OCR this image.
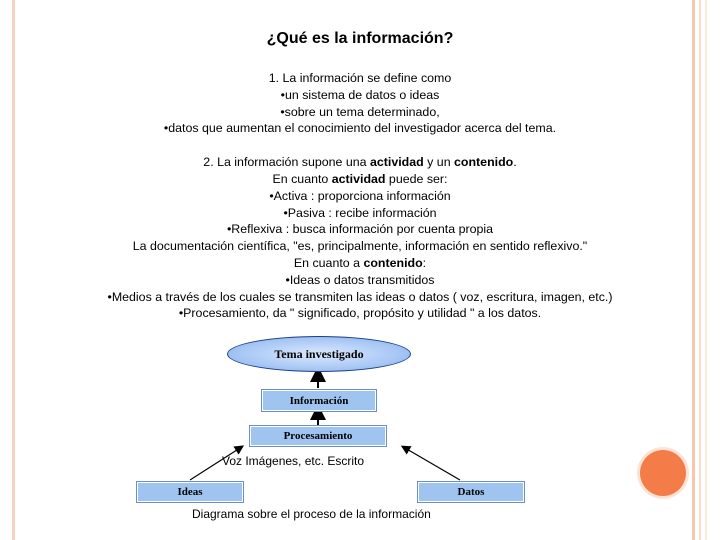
¿Qué es la información?

1. La información se define como

•un sistema de datos o ideas

•sobre un tema determinado,

•datos que aumentan el conocimiento del investigador acerca del tema.

2. La información supone una actividad y un contenido.

En cuanto actividad puede ser:

•Activa : proporciona información

•Pasiva : recibe información

•Reflexiva : busca información por cuenta propia

La documentación científica, "es, principalmente, información en sentido reflexivo."

En cuanto a contenido:

•Ideas o datos transmitidos

•Medios a través de los cuales se transmiten las ideas o datos ( voz, escritura, imagen, etc.)

•Procesamiento, da " significado, propósito y utilidad " a los datos.

Tema investigado
Información
Procesamiento
Voz Imágenes, etc. Escrito
Ideas	Datos
Diagrama sobre el proceso de la información
